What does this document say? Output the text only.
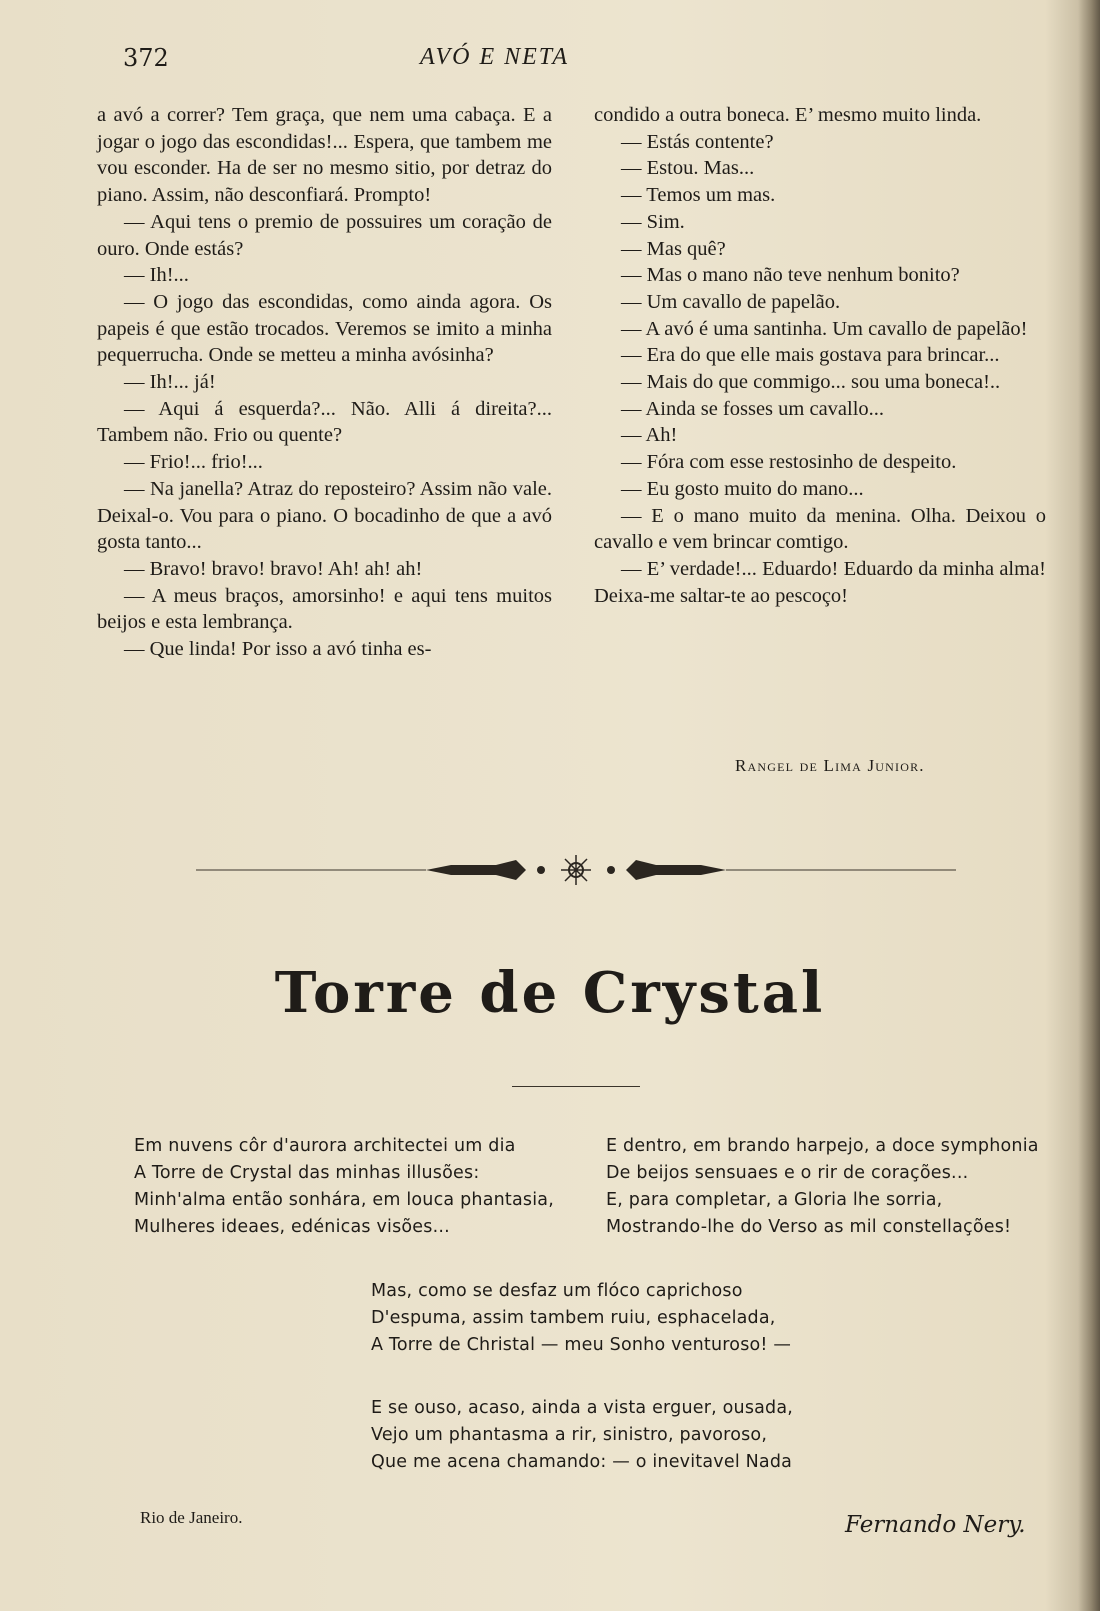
372	AVÓ E NETA

a avó a correr? Tem graça, que nem uma cabaça. E a jogar o jogo das escondidas!... Espera, que tambem me vou esconder. Ha de ser no mesmo sitio, por detraz do piano. Assim, não desconfiará. Prompto!

— Aqui tens o premio de possuires um coração de ouro. Onde estás?

— Ih!...

— O jogo das escondidas, como ainda agora. Os papeis é que estão trocados. Veremos se imito a minha pequerrucha. Onde se metteu a minha avósinha?

— Ih!... já!

— Aqui á esquerda?... Não. Alli á direita?... Tambem não. Frio ou quente?

— Frio!... frio!...

— Na janella? Atraz do reposteiro? Assim não vale. Deixal-o. Vou para o piano. O bocadinho de que a avó gosta tanto...

— Bravo! bravo! bravo! Ah! ah! ah!

— A meus braços, amorsinho! e aqui tens muitos beijos e esta lembrança.

— Que linda! Por isso a avó tinha es-

condido a outra boneca. E’ mesmo muito linda.

— Estás contente?

— Estou. Mas...

— Temos um mas.

— Sim.

— Mas quê?

— Mas o mano não teve nenhum bonito?

— Um cavallo de papelão.

— A avó é uma santinha. Um cavallo de papelão!

— Era do que elle mais gostava para brincar...

— Mais do que commigo... sou uma boneca!..

— Ainda se fosses um cavallo...

— Ah!

— Fóra com esse restosinho de despeito.

— Eu gosto muito do mano...

— E o mano muito da menina. Olha. Deixou o cavallo e vem brincar comtigo.

— E’ verdade!... Eduardo! Eduardo da minha alma! Deixa-me saltar-te ao pescoço!

Rangel de Lima Junior.
Torre de Crystal
Em nuvens côr d'aurora architectei um dia
A Torre de Crystal das minhas illusões:
Minh'alma então sonhára, em louca phantasia,
Mulheres ideaes, edénicas visões...
E dentro, em brando harpejo, a doce symphonia
De beijos sensuaes e o rir de corações...
E, para completar, a Gloria lhe sorria,
Mostrando-lhe do Verso as mil constellações!
Mas, como se desfaz um flóco caprichoso
D'espuma, assim tambem ruiu, esphacelada,
A Torre de Christal — meu Sonho venturoso! —
E se ouso, acaso, ainda a vista erguer, ousada,
Vejo um phantasma a rir, sinistro, pavoroso,
Que me acena chamando: — o inevitavel Nada
Rio de Janeiro.	Fernando Nery.
